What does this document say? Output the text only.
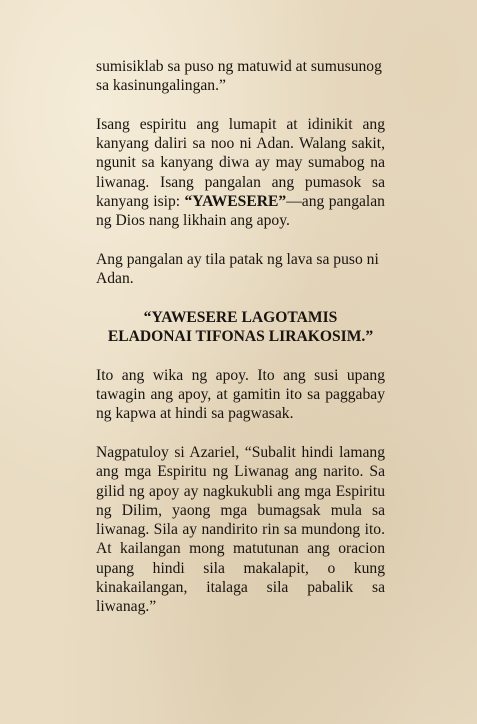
sumisiklab sa puso ng matuwid at sumusunog sa kasinungalingan.”

Isang espiritu ang lumapit at idinikit ang kanyang daliri sa noo ni Adan. Walang sakit, ngunit sa kanyang diwa ay may sumabog na liwanag. Isang pangalan ang pumasok sa kanyang isip: “YAWESERE”—ang pangalan ng Dios nang likhain ang apoy.

Ang pangalan ay tila patak ng lava sa puso ni Adan.

“YAWESERE LAGOTAMIS
ELADONAI TIFONAS LIRAKOSIM.”

Ito ang wika ng apoy. Ito ang susi upang tawagin ang apoy, at gamitin ito sa paggabay ng kapwa at hindi sa pagwasak.

Nagpatuloy si Azariel, “Subalit hindi lamang ang mga Espiritu ng Liwanag ang narito. Sa gilid ng apoy ay nagkukubli ang mga Espiritu ng Dilim, yaong mga bumagsak mula sa liwanag. Sila ay nandirito rin sa mundong ito. At kailangan mong matutunan ang oracion upang hindi sila makalapit, o kung kinakailangan, italaga sila pabalik sa liwanag.”
